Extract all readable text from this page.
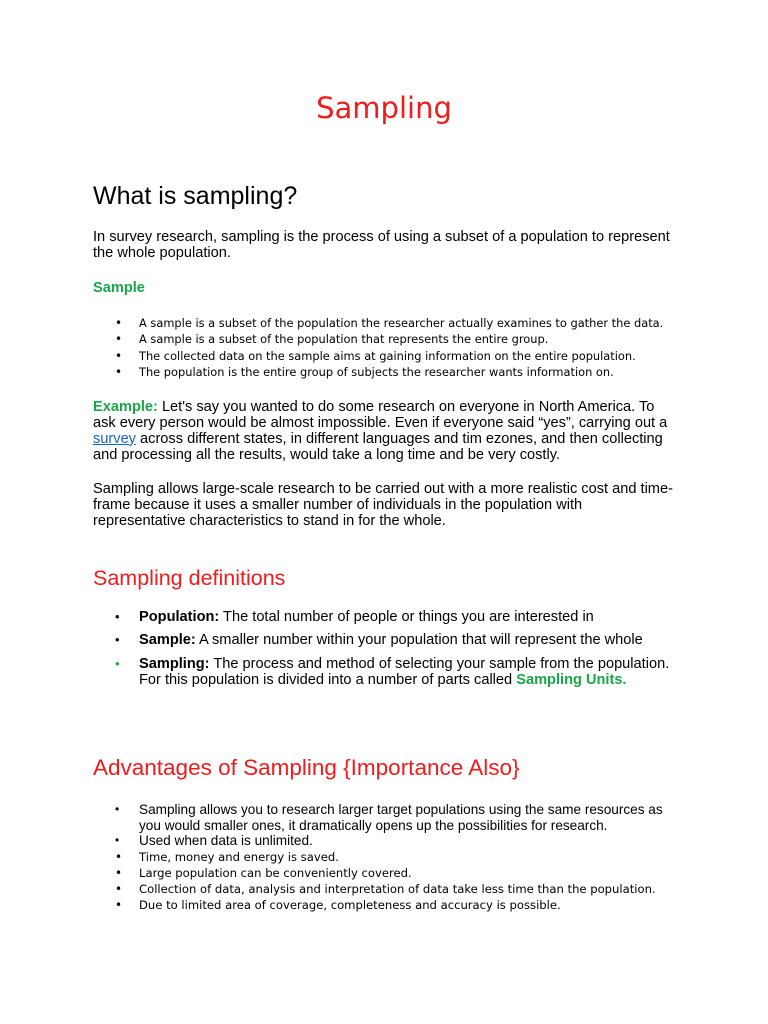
Sampling
What is sampling?

In survey research, sampling is the process of using a subset of a population to represent the whole population.

Sample
• A sample is a subset of the population the researcher actually examines to gather the data.
• A sample is a subset of the population that represents the entire group.
• The collected data on the sample aims at gaining information on the entire population.
• The population is the entire group of subjects the researcher wants information on.

Example: Let's say you wanted to do some research on everyone in North America. To ask every person would be almost impossible. Even if everyone said “yes”, carrying out a survey across different states, in different languages and tim ezones, and then collecting and processing all the results, would take a long time and be very costly.

Sampling allows large-scale research to be carried out with a more realistic cost and time-frame because it uses a smaller number of individuals in the population with representative characteristics to stand in for the whole.

Sampling definitions
• Population: The total number of people or things you are interested in
• Sample: A smaller number within your population that will represent the whole
• Sampling: The process and method of selecting your sample from the population. For this population is divided into a number of parts called Sampling Units.
Advantages of Sampling {Importance Also}
• Sampling allows you to research larger target populations using the same resources as you would smaller ones, it dramatically opens up the possibilities for research.
• Used when data is unlimited.
• Time, money and energy is saved.
• Large population can be conveniently covered.
• Collection of data, analysis and interpretation of data take less time than the population.
• Due to limited area of coverage, completeness and accuracy is possible.
